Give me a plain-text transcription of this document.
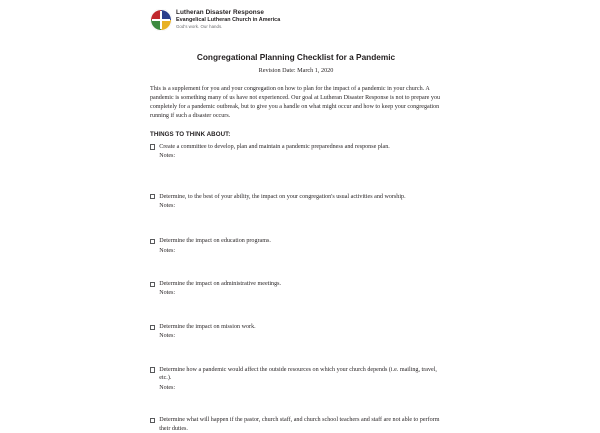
Lutheran Disaster Response
Evangelical Lutheran Church in America
God's work. Our hands.
Congregational Planning Checklist for a Pandemic
Revision Date: March 1, 2020

This is a supplement for you and your congregation on how to plan for the impact of a pandemic in your church. A pandemic is something many of us have not experienced. Our goal at Lutheran Disaster Response is not to prepare you completely for a pandemic outbreak, but to give you a handle on what might occur and how to keep your congregation running if such a disaster occurs.

THINGS TO THINK ABOUT:
Create a committee to develop, plan and maintain a pandemic preparedness and response plan.
Notes:
Determine, to the best of your ability, the impact on your congregation's usual activities and worship.
Notes:
Determine the impact on education programs.
Notes:
Determine the impact on administrative meetings.
Notes:
Determine the impact on mission work.
Notes:
Determine how a pandemic would affect the outside resources on which your church depends (i.e. mailing, travel, etc.).
Notes:
Determine what will happen if the pastor, church staff, and church school teachers and staff are not able to perform their duties.
